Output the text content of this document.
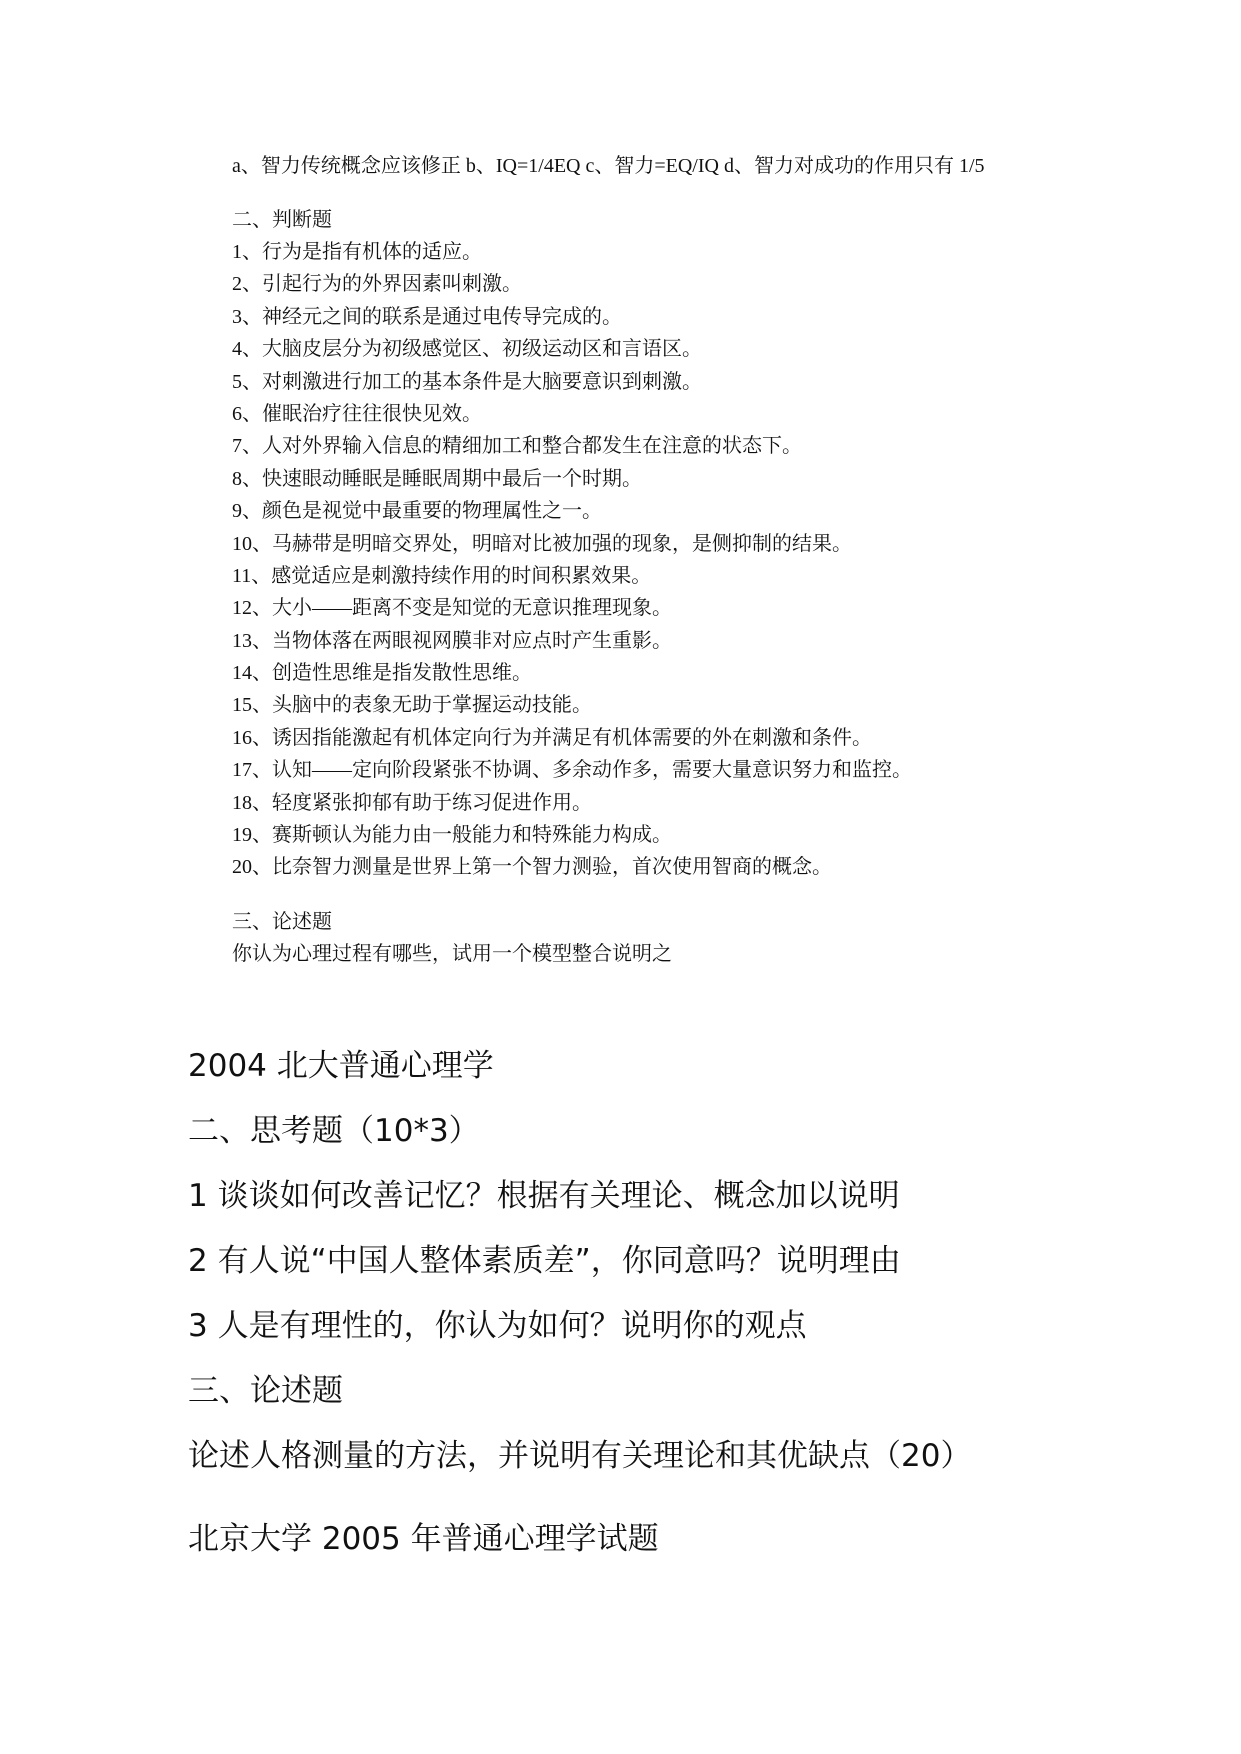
a、智力传统概念应该修正 b、IQ=1/4EQ c、智力=EQ/IQ d、智力对成功的作用只有 1/5
二、判断题
1、行为是指有机体的适应。
2、引起行为的外界因素叫刺激。
3、神经元之间的联系是通过电传导完成的。
4、大脑皮层分为初级感觉区、初级运动区和言语区。
5、对刺激进行加工的基本条件是大脑要意识到刺激。
6、催眠治疗往往很快见效。
7、人对外界输入信息的精细加工和整合都发生在注意的状态下。
8、快速眼动睡眠是睡眠周期中最后一个时期。
9、颜色是视觉中最重要的物理属性之一。
10、马赫带是明暗交界处，明暗对比被加强的现象，是侧抑制的结果。
11、感觉适应是刺激持续作用的时间积累效果。
12、大小——距离不变是知觉的无意识推理现象。
13、当物体落在两眼视网膜非对应点时产生重影。
14、创造性思维是指发散性思维。
15、头脑中的表象无助于掌握运动技能。
16、诱因指能激起有机体定向行为并满足有机体需要的外在刺激和条件。
17、认知——定向阶段紧张不协调、多余动作多，需要大量意识努力和监控。
18、轻度紧张抑郁有助于练习促进作用。
19、赛斯顿认为能力由一般能力和特殊能力构成。
20、比奈智力测量是世界上第一个智力测验，首次使用智商的概念。
三、论述题
你认为心理过程有哪些，试用一个模型整合说明之
2004 北大普通心理学
二、思考题（10*3）
1 谈谈如何改善记忆？根据有关理论、概念加以说明
2 有人说“中国人整体素质差”，你同意吗？说明理由
3 人是有理性的，你认为如何？说明你的观点
三、论述题
论述人格测量的方法，并说明有关理论和其优缺点（20）
北京大学 2005 年普通心理学试题
